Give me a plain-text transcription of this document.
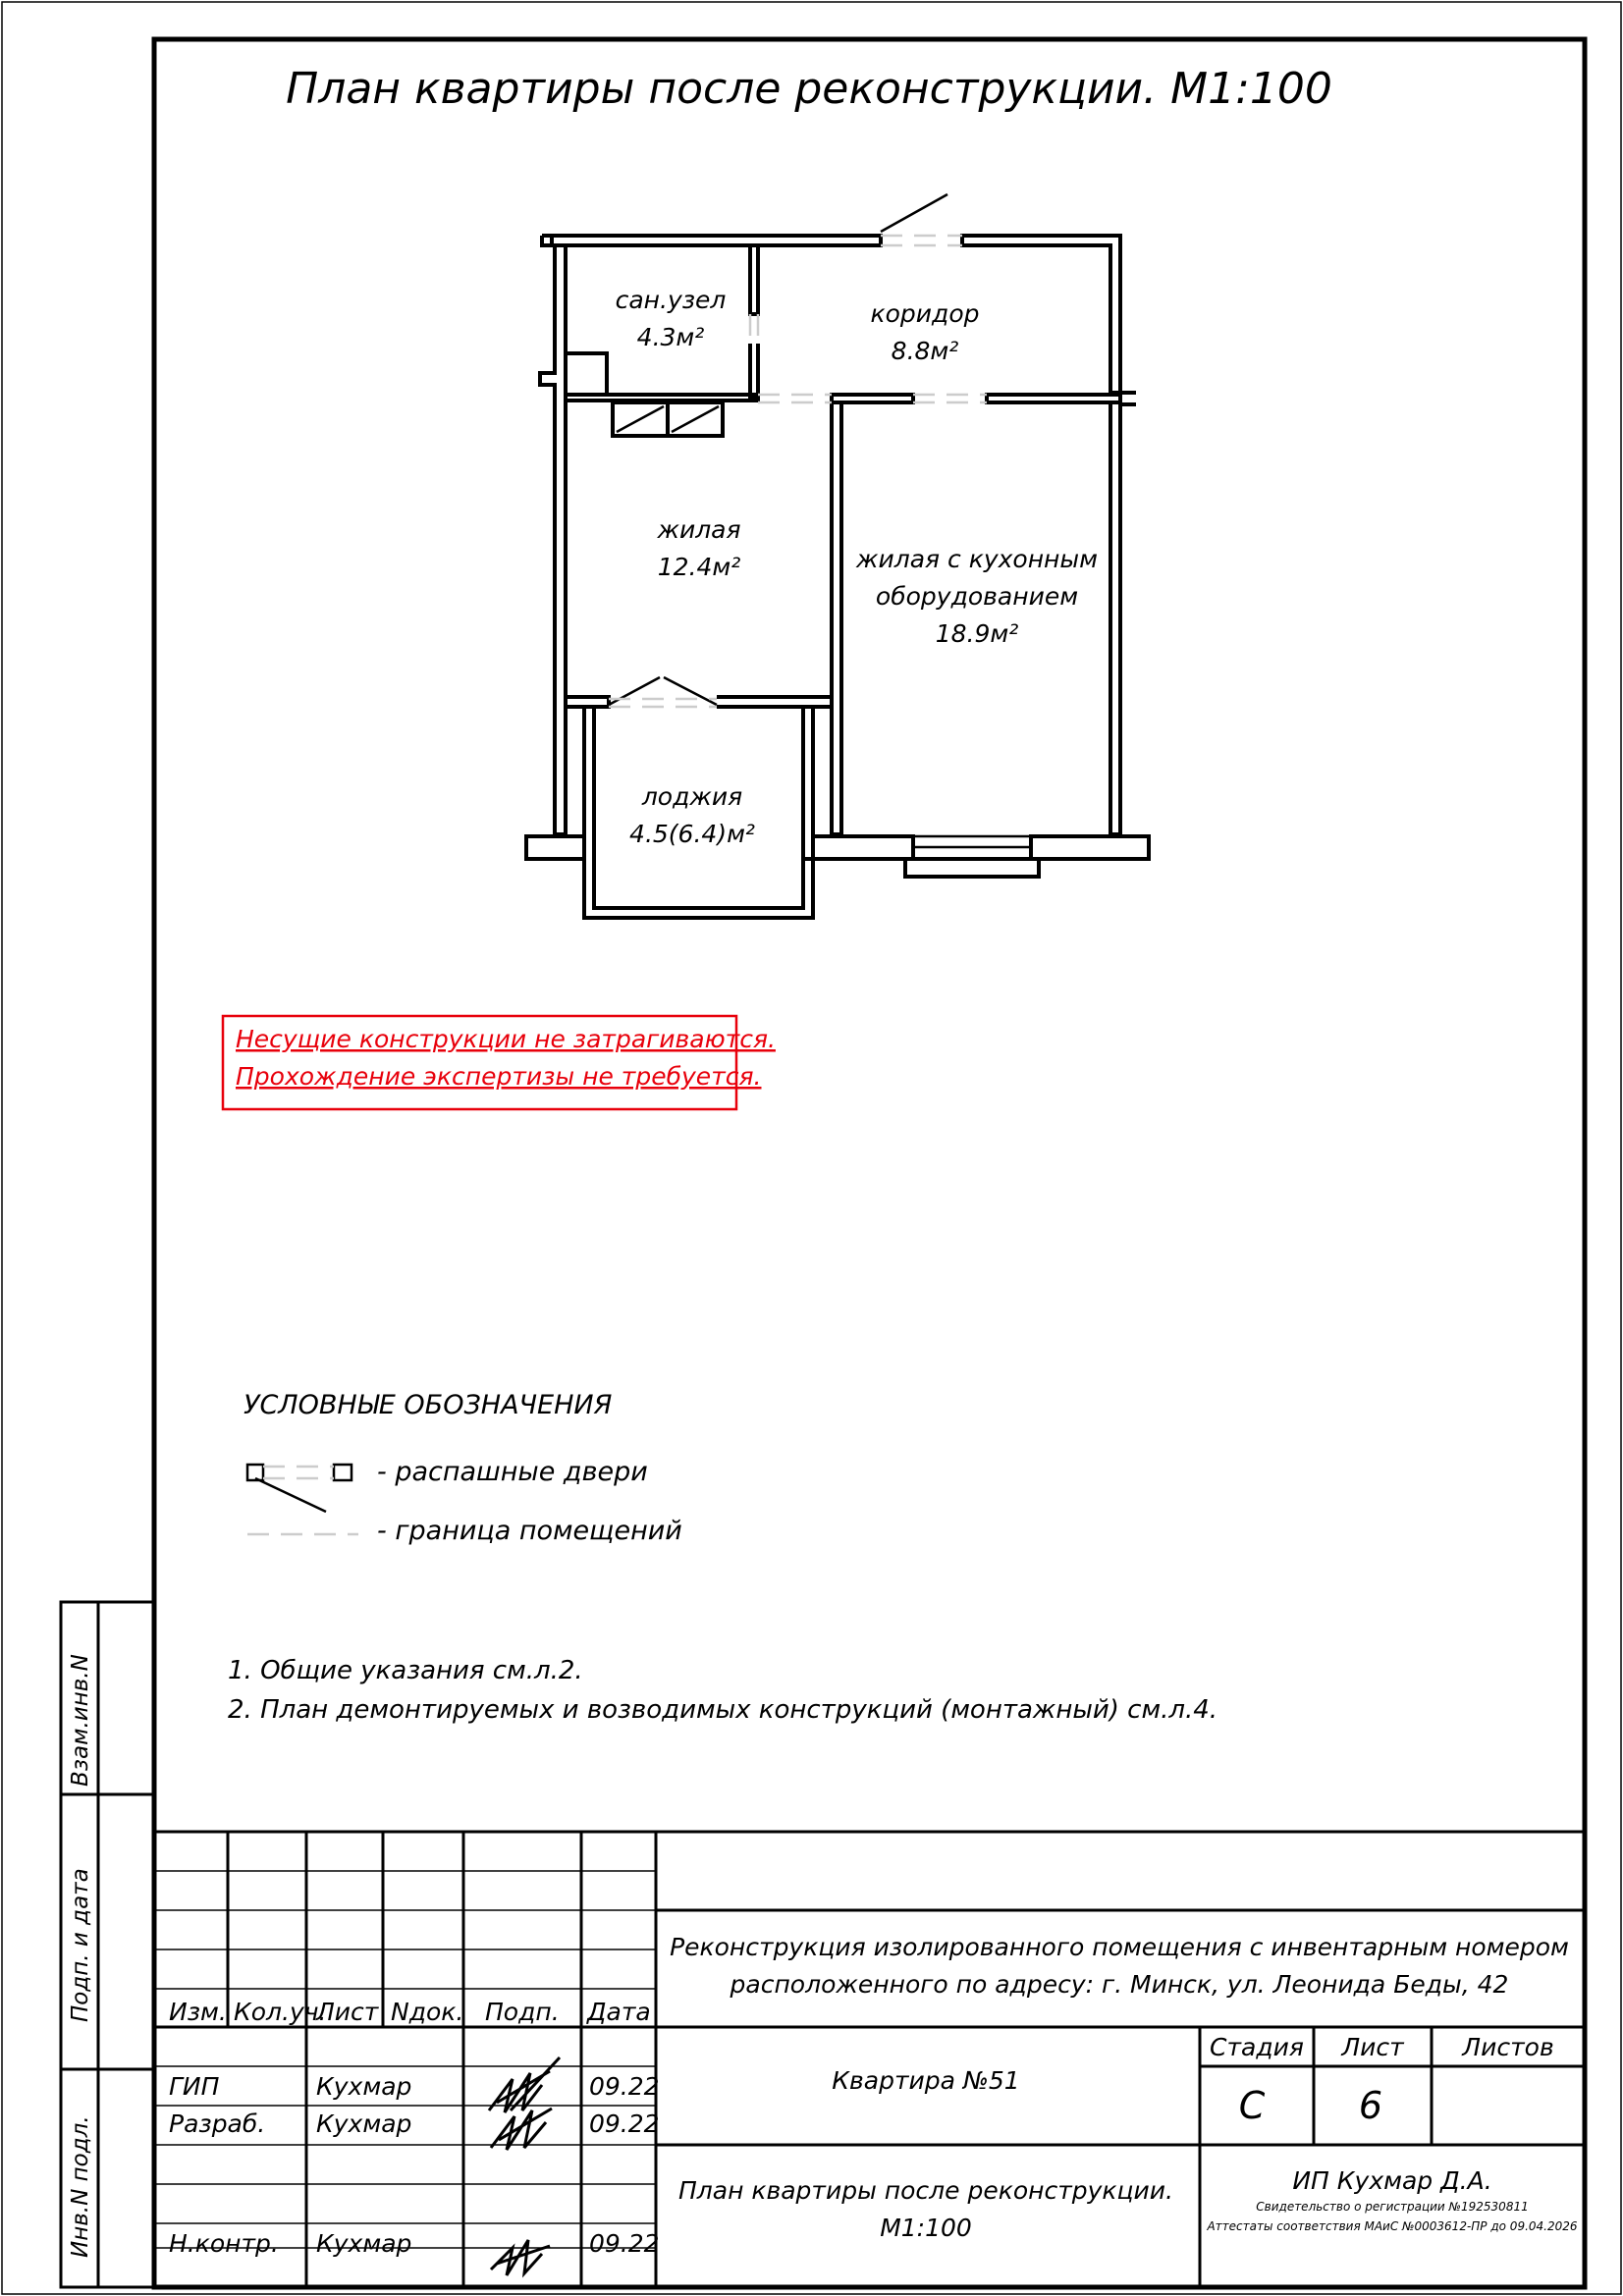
План квартиры после реконструкции. М1:100
сан.узел
4.3м²
коридор
8.8м²
жилая
12.4м²	жилая с кухонным
оборудованием
18.9м²
лоджия
4.5(6.4)м²
Несущие конструкции не затрагиваются.
Прохождение экспертизы не требуется.
УСЛОВНЫЕ ОБОЗНАЧЕНИЯ
- распашные двери
- граница помещений
1. Общие указания см.л.2.
2. План демонтируемых и возводимых конструкций (монтажный) см.л.4.
Взам.инв.N
Подп. и дата
Инв.N подл.
Изм. Кол.уч.
Лист Nдок. Подп. Дата
ГИП	Кухмар	09.22
Разраб. Кухмар	09.22
Н.контр. Кухмар	09.22
Реконструкция изолированного помещения с инвентарным номером
расположенного по адресу: г. Минск, ул. Леонида Беды, 42
Квартира №51
План квартиры после реконструкции.
М1:100
Стадия Лист Листов
С	6
ИП Кухмар Д.А.
Свидетельство о регистрации №192530811
Аттестаты соответствия МАиС №0003612-ПР до 09.04.2026
